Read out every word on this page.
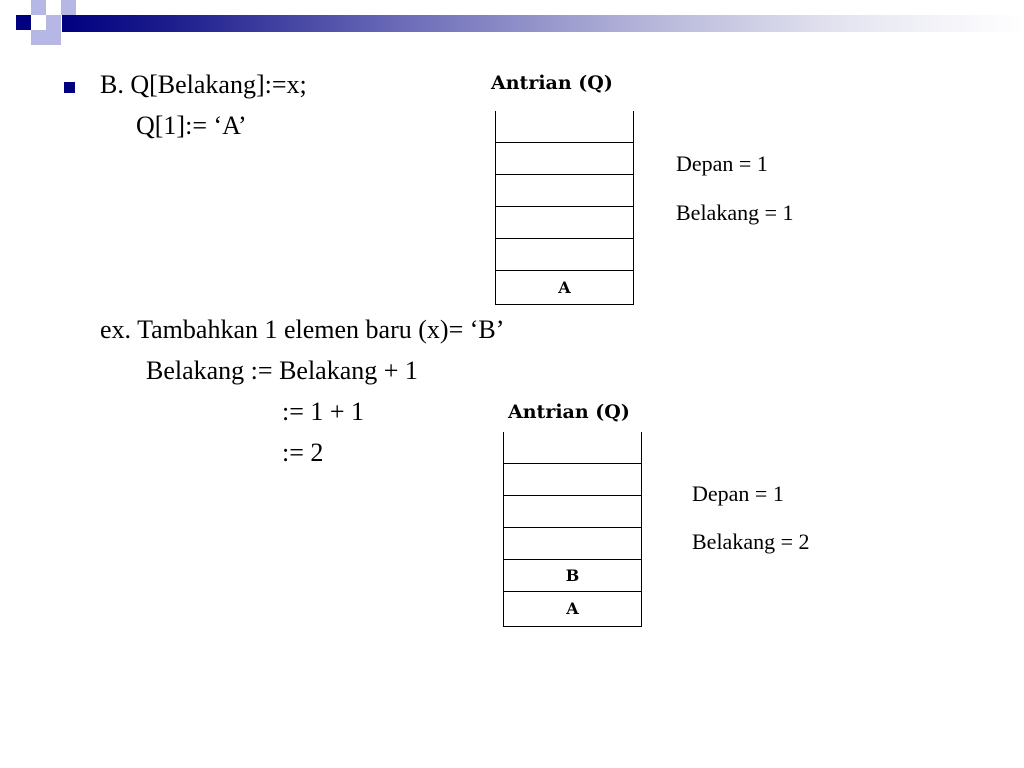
B. Q[Belakang]:=x;
Q[1]:= ‘A’
ex. Tambahkan 1 elemen baru (x)= ‘B’
Belakang := Belakang + 1
:= 1 + 1
:= 2
Antrian (Q)
A
Depan = 1
Belakang = 1
Antrian (Q)
B
A
Depan = 1
Belakang = 2
